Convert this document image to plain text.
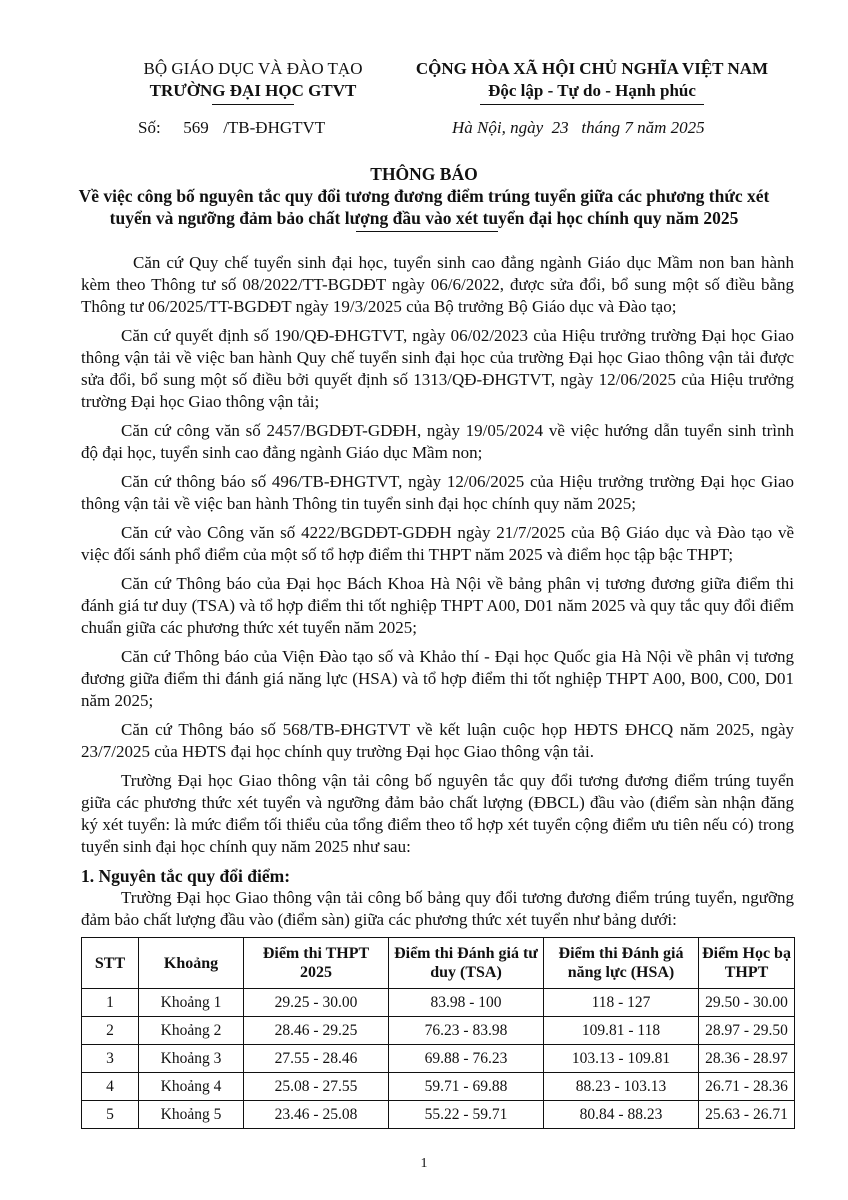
BỘ GIÁO DỤC VÀ ĐÀO TẠO
TRƯỜNG ĐẠI HỌC GTVT
CỘNG HÒA XÃ HỘI CHỦ NGHĨA VIỆT NAM
Độc lập - Tự do - Hạnh phúc
Số: 569 /TB-ĐHGTVT	Hà Nội, ngày  23   tháng 7 năm 2025
THÔNG BÁO
Về việc công bố nguyên tắc quy đổi tương đương điểm trúng tuyển giữa các phương thức xét tuyển và ngưỡng đảm bảo chất lượng đầu vào xét tuyển đại học chính quy năm 2025

Căn cứ Quy chế tuyển sinh đại học, tuyển sinh cao đẳng ngành Giáo dục Mầm non ban hành kèm theo Thông tư số 08/2022/TT-BGDĐT ngày 06/6/2022, được sửa đổi, bổ sung một số điều bằng Thông tư 06/2025/TT-BGDĐT ngày 19/3/2025 của Bộ trưởng Bộ Giáo dục và Đào tạo;

Căn cứ quyết định số 190/QĐ-ĐHGTVT, ngày 06/02/2023 của Hiệu trưởng trường Đại học Giao thông vận tải về việc ban hành Quy chế tuyển sinh đại học của trường Đại học Giao thông vận tải được sửa đổi, bổ sung một số điều bởi quyết định số 1313/QĐ-ĐHGTVT, ngày 12/06/2025 của Hiệu trưởng trường Đại học Giao thông vận tải;

Căn cứ công văn số 2457/BGDĐT-GDĐH, ngày 19/05/2024 về việc hướng dẫn tuyển sinh trình độ đại học, tuyển sinh cao đẳng ngành Giáo dục Mầm non;

Căn cứ thông báo số 496/TB-ĐHGTVT, ngày 12/06/2025 của Hiệu trưởng trường Đại học Giao thông vận tải về việc ban hành Thông tin tuyển sinh đại học chính quy năm 2025;

Căn cứ vào Công văn số 4222/BGDĐT-GDĐH ngày 21/7/2025 của Bộ Giáo dục và Đào tạo về việc đối sánh phổ điểm của một số tổ hợp điểm thi THPT năm 2025 và điểm học tập bậc THPT;

Căn cứ Thông báo của Đại học Bách Khoa Hà Nội về bảng phân vị tương đương giữa điểm thi đánh giá tư duy (TSA) và tổ hợp điểm thi tốt nghiệp THPT A00, D01 năm 2025 và quy tắc quy đổi điểm chuẩn giữa các phương thức xét tuyển năm 2025;

Căn cứ Thông báo của Viện Đào tạo số và Khảo thí - Đại học Quốc gia Hà Nội về phân vị tương đương giữa điểm thi đánh giá năng lực (HSA) và tổ hợp điểm thi tốt nghiệp THPT A00, B00, C00, D01 năm 2025;

Căn cứ Thông báo số 568/TB-ĐHGTVT về kết luận cuộc họp HĐTS ĐHCQ năm 2025, ngày 23/7/2025 của HĐTS đại học chính quy trường Đại học Giao thông vận tải.

Trường Đại học Giao thông vận tải công bố nguyên tắc quy đổi tương đương điểm trúng tuyển giữa các phương thức xét tuyển và ngưỡng đảm bảo chất lượng (ĐBCL) đầu vào (điểm sàn nhận đăng ký xét tuyển: là mức điểm tối thiểu của tổng điểm theo tổ hợp xét tuyển cộng điểm ưu tiên nếu có) trong tuyển sinh đại học chính quy năm 2025 như sau:

1. Nguyên tắc quy đổi điểm:

Trường Đại học Giao thông vận tải công bố bảng quy đổi tương đương điểm trúng tuyển, ngưỡng đảm bảo chất lượng đầu vào (điểm sàn) giữa các phương thức xét tuyển như bảng dưới:

STT	Khoảng	Điểm thi THPT 2025	Điểm thi Đánh giá tư duy (TSA)	Điểm thi Đánh giá năng lực (HSA)	Điểm Học bạ THPT
1	Khoảng 1	29.25 - 30.00	83.98 - 100	118 - 127	29.50 - 30.00
2	Khoảng 2	28.46 - 29.25	76.23 - 83.98	109.81 - 118	28.97 - 29.50
3	Khoảng 3	27.55 - 28.46	69.88 - 76.23	103.13 - 109.81	28.36 - 28.97
4	Khoảng 4	25.08 - 27.55	59.71 - 69.88	88.23 - 103.13	26.71 - 28.36
5	Khoảng 5	23.46 - 25.08	55.22 - 59.71	80.84 - 88.23	25.63 - 26.71
1
